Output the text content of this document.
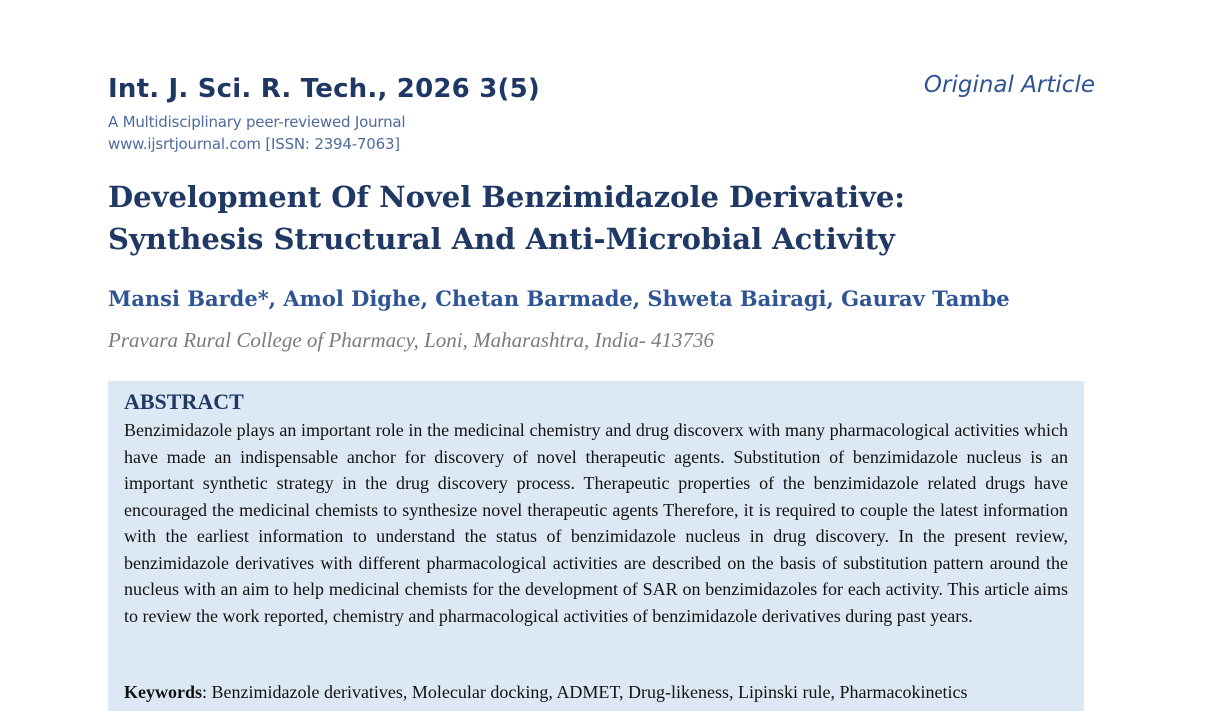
Int. J. Sci. R. Tech., 2026 3(5)
A Multidisciplinary peer-reviewed Journal
www.ijsrtjournal.com [ISSN: 2394-7063]
Original Article
Development Of Novel Benzimidazole Derivative:
Synthesis Structural And Anti-Microbial Activity
Mansi Barde*, Amol Dighe, Chetan Barmade, Shweta Bairagi, Gaurav Tambe
Pravara Rural College of Pharmacy, Loni, Maharashtra, India- 413736
ABSTRACT
Benzimidazole plays an important role in the medicinal chemistry and drug discoverx with many pharmacological activities which have made an indispensable anchor for discovery of novel therapeutic agents. Substitution of benzimidazole nucleus is an important synthetic strategy in the drug discovery process. Therapeutic properties of the benzimidazole related drugs have encouraged the medicinal chemists to synthesize novel therapeutic agents Therefore, it is required to couple the latest information with the earliest information to understand the status of benzimidazole nucleus in drug discovery. In the present review, benzimidazole derivatives with different pharmacological activities are described on the basis of substitution pattern around the nucleus with an aim to help medicinal chemists for the development of SAR on benzimidazoles for each activity. This article aims to review the work reported, chemistry and pharmacological activities of benzimidazole derivatives during past years.
Keywords: Benzimidazole derivatives, Molecular docking, ADMET, Drug-likeness, Lipinski rule, Pharmacokinetics
